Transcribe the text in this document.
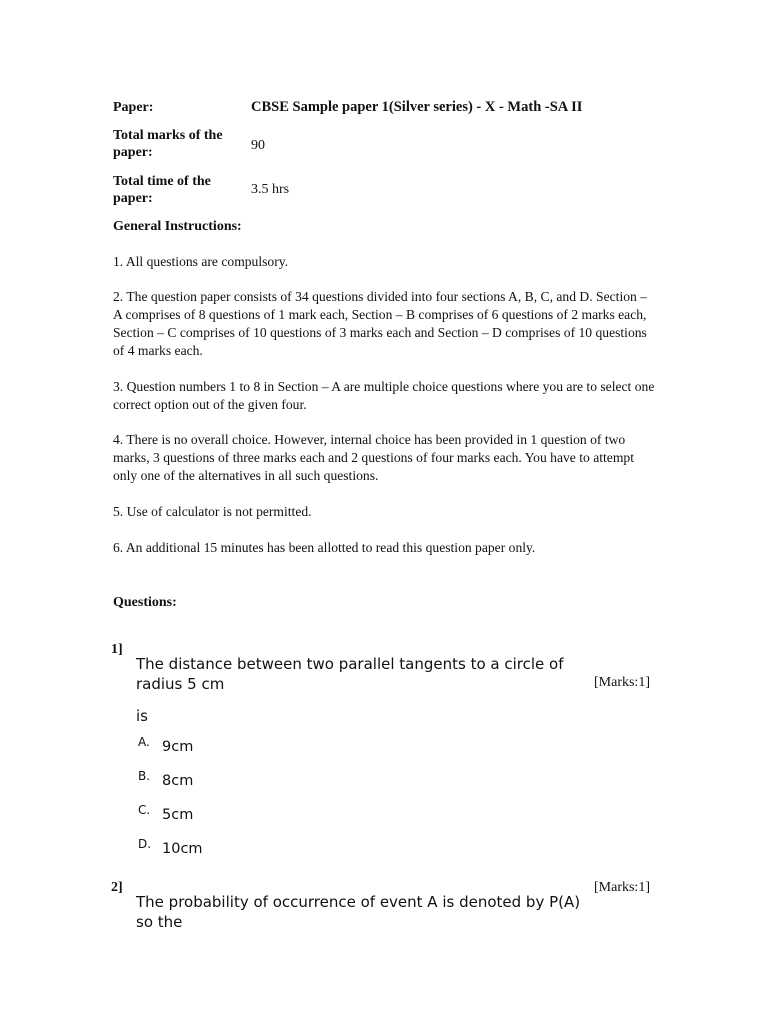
Paper:	CBSE Sample paper 1(Silver series) - X - Math -SA II
Total marks of the paper:	90
Total time of the paper:
3.5 hrs
General Instructions:
1. All questions are compulsory.
2. The question paper consists of 34 questions divided into four sections A, B, C, and D. Section – A comprises of 8 questions of 1 mark each, Section – B comprises of 6 questions of 2 marks each, Section – C comprises of 10 questions of 3 marks each and Section – D comprises of 10 questions of 4 marks each.
3. Question numbers 1 to 8 in Section – A are multiple choice questions where you are to select one correct option out of the given four.
4. There is no overall choice. However, internal choice has been provided in 1 question of two marks, 3 questions of three marks each and 2 questions of four marks each. You have to attempt only one of the alternatives in all such questions.
5. Use of calculator is not permitted.
6. An additional 15 minutes has been allotted to read this question paper only.
Questions:
1]
The distance between two parallel tangents to a circle of
radius 5 cm	[Marks:1]
is
A. 9cm
B. 8cm
C. 5cm
D. 10cm
2]	[Marks:1]
The probability of occurrence of event A is denoted by P(A)
so the
